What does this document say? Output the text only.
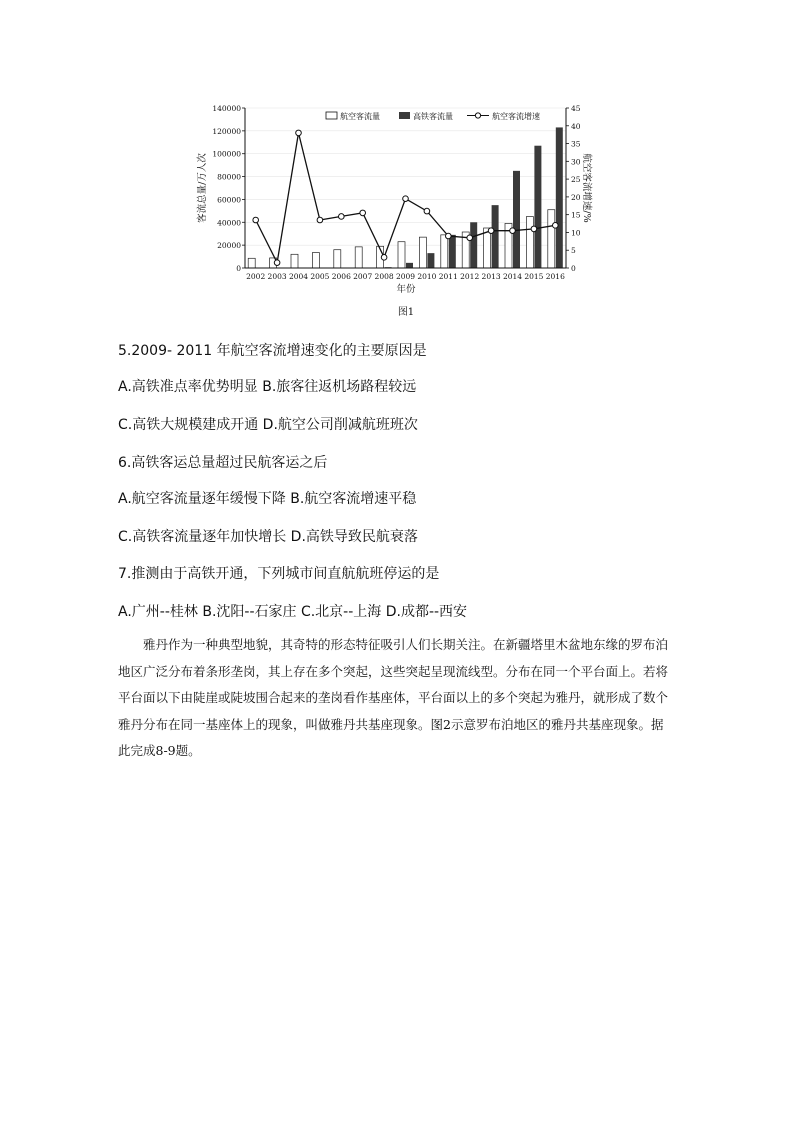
0
20000
40000
60000
80000
100000
120000
140000
0
5
10
15
20
25
30
35
40
45
2002 2003 2004 2005 2006 2007 2008 2009 2010 2011 2012 2013 2014 2015 2016
客流总量/万人次	航空客流增速/%
年份
图1
航空客流量	高铁客流量	航空客流增速
5.2009- 2011 年航空客流增速变化的主要原因是
A.高铁准点率优势明显 B.旅客往返机场路程较远
C.高铁大规模建成开通 D.航空公司削减航班班次
6.高铁客运总量超过民航客运之后
A.航空客流量逐年缓慢下降 B.航空客流增速平稳
C.高铁客流量逐年加快增长 D.高铁导致民航衰落
7.推测由于高铁开通，下列城市间直航航班停运的是
A.广州--桂林 B.沈阳--石家庄 C.北京--上海 D.成都--西安
雅丹作为一种典型地貌，其奇特的形态特征吸引人们长期关注。在新疆塔里木盆地东缘的罗布泊地区广泛分布着条形垄岗，其上存在多个突起，这些突起呈现流线型。分布在同一个平台面上。若将平台面以下由陡崖或陡坡围合起来的垄岗看作基座体，平台面以上的多个突起为雅丹，就形成了数个雅丹分布在同一基座体上的现象，叫做雅丹共基座现象。图2示意罗布泊地区的雅丹共基座现象。据此完成8-9题。
